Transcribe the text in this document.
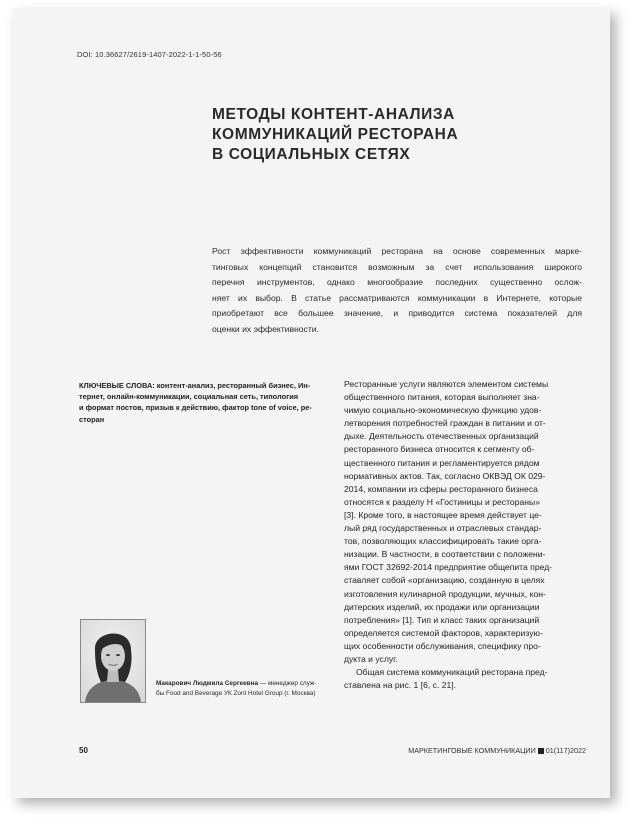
DOI: 10.36627/2619-1407-2022-1-1-50-56
МЕТОДЫ КОНТЕНТ-АНАЛИЗА
КОММУНИКАЦИЙ РЕСТОРАНА
В СОЦИАЛЬНЫХ СЕТЯХ

Рост эффективности коммуникаций ресторана на основе современных марке-
тинговых концепций становится возможным за счет использования широкого
перечня инструментов, однако многообразие последних существенно ослож-
няет их выбор. В статье рассматриваются коммуникации в Интернете, которые
приобретают все большее значение, и приводится система показателей для
оценки их эффективности.

КЛЮЧЕВЫЕ СЛОВА: контент-анализ, ресторанный бизнес, Ин-
тернет, онлайн-коммуникации, социальная сеть, типология
и формат постов, призыв к действию, фактор tone of voice, ре-
сторан

Ресторанные услуги являются элементом системы
общественного питания, которая выполняет зна-
чимую социально-экономическую функцию удов-
летворения потребностей граждан в питании и от-
дыхе. Деятельность отечественных организаций
ресторанного бизнеса относится к сегменту об-
щественного питания и регламентируется рядом
нормативных актов. Так, согласно ОКВЭД ОК 029-
2014, компании из сферы ресторанного бизнеса
относятся к разделу Н «Гостиницы и рестораны»
[3]. Кроме того, в настоящее время действует це-
лый ряд государственных и отраслевых стандар-
тов, позволяющих классифицировать такие орга-
низации. В частности, в соответствии с положени-
ями ГОСТ 32692-2014 предприятие общепита пред-
ставляет собой «организацию, созданную в целях
изготовления кулинарной продукции, мучных, кон-
дитерских изделий, их продажи или организации
потребления» [1]. Тип и класс таких организаций
определяется системой факторов, характеризую-
щих особенности обслуживания, специфику про-
дукта и услуг.
Общая система коммуникаций ресторана пред-
ставлена на рис. 1 [6, с. 21].

Макарович Людмила Сергеевна — менеджер служ-
бы Food and Beverage УК Zont Hotel Group (г. Москва)

50	МАРКЕТИНГОВЫЕ КОММУНИКАЦИИ 01(117)2022
